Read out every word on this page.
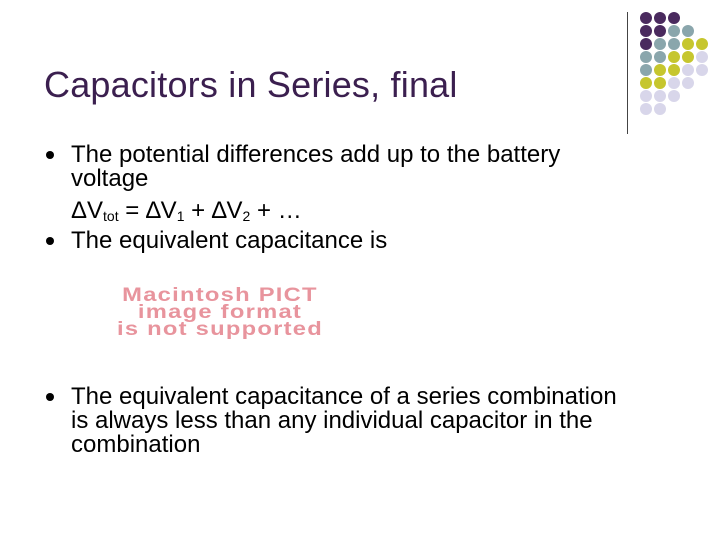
Capacitors in Series, final
The potential differences add up to the battery
voltage
$\Delta V_{tot} = \Delta V_1 + \Delta V_2$ + …
The equivalent capacitance is
Macintosh PICT
image format
is not supported
The equivalent capacitance of a series combination
is always less than any individual capacitor in the
combination
